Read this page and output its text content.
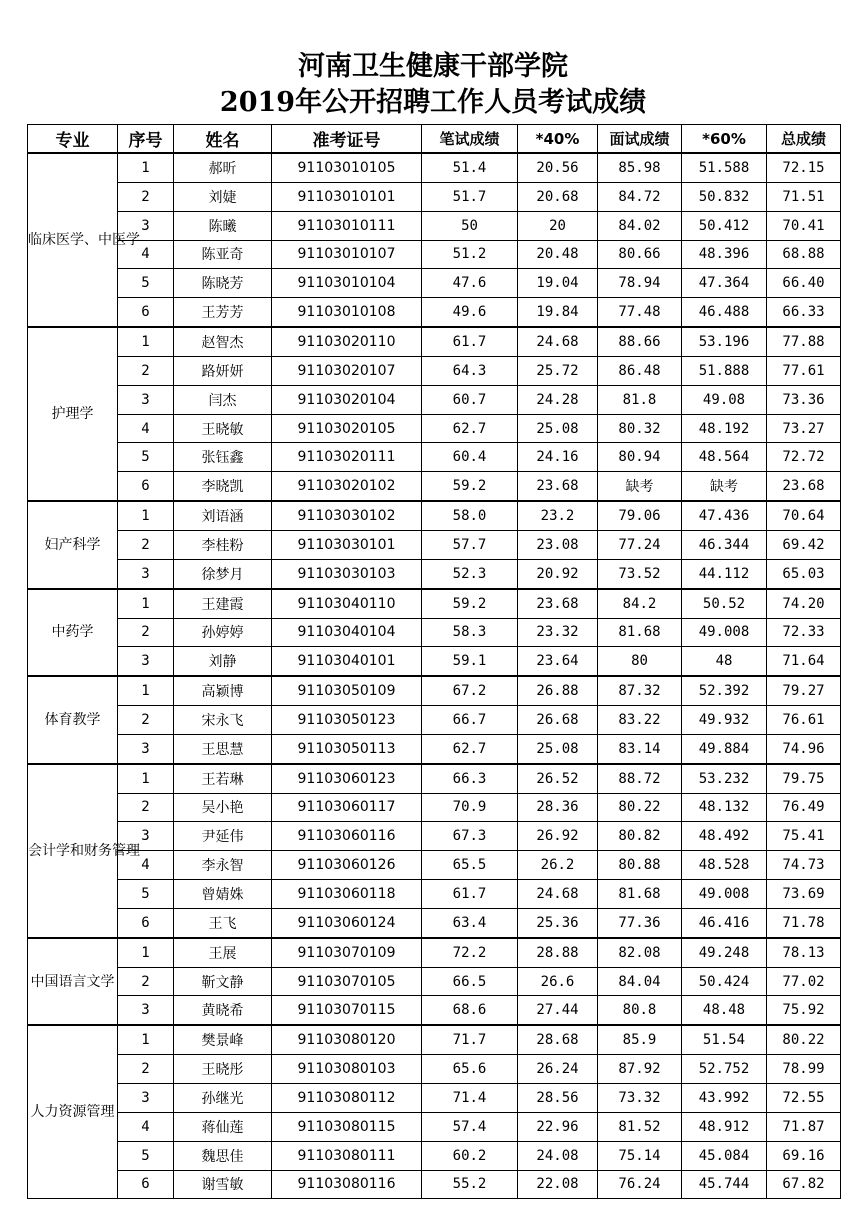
河南卫生健康干部学院
2019年公开招聘工作人员考试成绩
专业	序号	姓名	准考证号	笔试成绩	*40%	面试成绩	*60%	总成绩
临床医学、中医学	1	郝昕	91103010105	51.4	20.56	85.98	51.588	72.15
	2	刘婕	91103010101	51.7	20.68	84.72	50.832	71.51
	3	陈曦	91103010111	50	20	84.02	50.412	70.41
	4	陈亚奇	91103010107	51.2	20.48	80.66	48.396	68.88
	5	陈晓芳	91103010104	47.6	19.04	78.94	47.364	66.40
	6	王芳芳	91103010108	49.6	19.84	77.48	46.488	66.33
护理学	1	赵智杰	91103020110	61.7	24.68	88.66	53.196	77.88
	2	路妍妍	91103020107	64.3	25.72	86.48	51.888	77.61
	3	闫杰	91103020104	60.7	24.28	81.8	49.08	73.36
	4	王晓敏	91103020105	62.7	25.08	80.32	48.192	73.27
	5	张钰鑫	91103020111	60.4	24.16	80.94	48.564	72.72
	6	李晓凯	91103020102	59.2	23.68	缺考	缺考	23.68
妇产科学	1	刘语涵	91103030102	58.0	23.2	79.06	47.436	70.64
	2	李桂粉	91103030101	57.7	23.08	77.24	46.344	69.42
	3	徐梦月	91103030103	52.3	20.92	73.52	44.112	65.03
中药学	1	王建霞	91103040110	59.2	23.68	84.2	50.52	74.20
	2	孙婷婷	91103040104	58.3	23.32	81.68	49.008	72.33
	3	刘静	91103040101	59.1	23.64	80	48	71.64
体育教学	1	高颖博	91103050109	67.2	26.88	87.32	52.392	79.27
	2	宋永飞	91103050123	66.7	26.68	83.22	49.932	76.61
	3	王思慧	91103050113	62.7	25.08	83.14	49.884	74.96
会计学和财务管理	1	王若琳	91103060123	66.3	26.52	88.72	53.232	79.75
	2	吴小艳	91103060117	70.9	28.36	80.22	48.132	76.49
	3	尹延伟	91103060116	67.3	26.92	80.82	48.492	75.41
	4	李永智	91103060126	65.5	26.2	80.88	48.528	74.73
	5	曾婧姝	91103060118	61.7	24.68	81.68	49.008	73.69
	6	王飞	91103060124	63.4	25.36	77.36	46.416	71.78
中国语言文学	1	王展	91103070109	72.2	28.88	82.08	49.248	78.13
	2	靳文静	91103070105	66.5	26.6	84.04	50.424	77.02
	3	黄晓希	91103070115	68.6	27.44	80.8	48.48	75.92
人力资源管理	1	樊景峰	91103080120	71.7	28.68	85.9	51.54	80.22
	2	王晓彤	91103080103	65.6	26.24	87.92	52.752	78.99
	3	孙继光	91103080112	71.4	28.56	73.32	43.992	72.55
	4	蒋仙莲	91103080115	57.4	22.96	81.52	48.912	71.87
	5	魏思佳	91103080111	60.2	24.08	75.14	45.084	69.16
	6	谢雪敏	91103080116	55.2	22.08	76.24	45.744	67.82
